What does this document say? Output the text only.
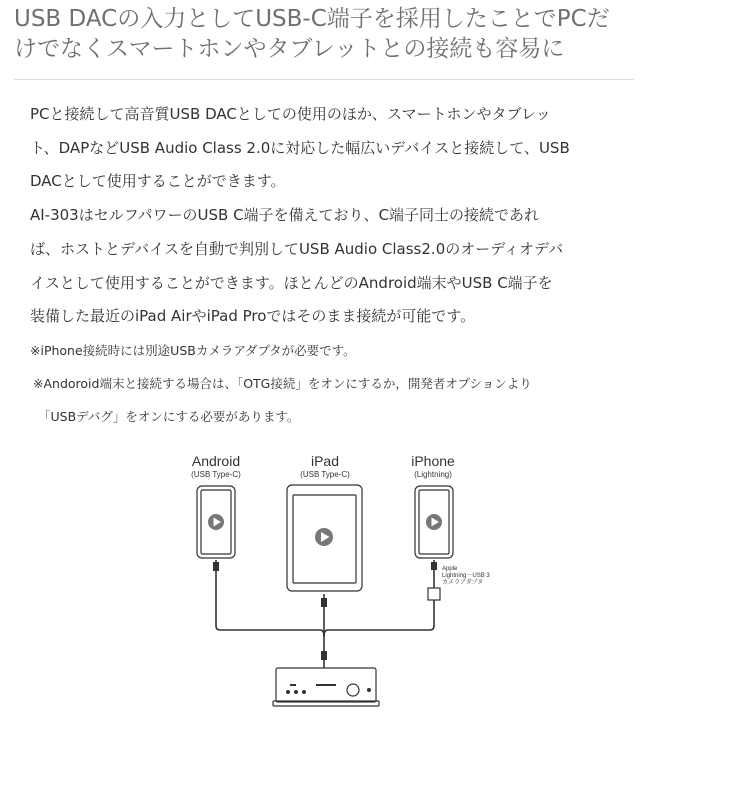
USB DACの入力としてUSB-C端子を採用したことでPCだ
けでなくスマートホンやタブレットとの接続も容易に
PCと接続して高音質USB DACとしての使用のほか、スマートホンやタブレッ
ト、DAPなどUSB Audio Class 2.0に対応した幅広いデバイスと接続して、USB
DACとして使用することができます。
AI-303はセルフパワーのUSB C端子を備えており、C端子同士の接続であれ
ば、ホストとデバイスを自動で判別してUSB Audio Class2.0のオーディオデバ
イスとして使用することができます。ほとんどのAndroid端末やUSB C端子を
装備した最近のiPad AirやiPad Proではそのまま接続が可能です。
※iPhone接続時には別途USBカメラアダプタが必要です。
※Andoroid端末と接続する場合は、「OTG接続」をオンにするか，開発者オプションより
「USBデバグ」をオンにする必要があります。
Android
(USB Type-C)
iPad
(USB Type-C)
iPhone
(Lightning)
Apple
Lightning－USB 3
カメラアダプタ
